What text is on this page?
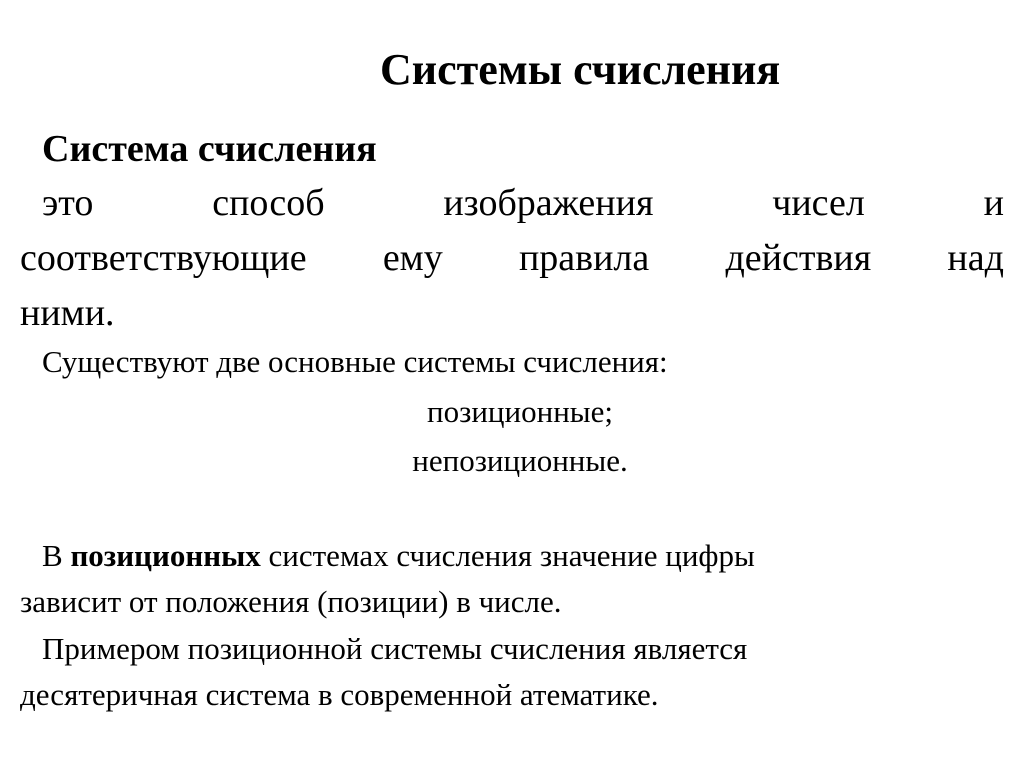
Системы счисления
Система счисления
это	способ	изображения	чисел	и
соответствующие ему правила действия над
ними.
Существуют две основные системы счисления:
позиционные;
непозиционные.
В позиционных системах счисления значение цифры
зависит от положения (позиции) в числе.
Примером позиционной системы счисления является
десятеричная система в современной атематике.
